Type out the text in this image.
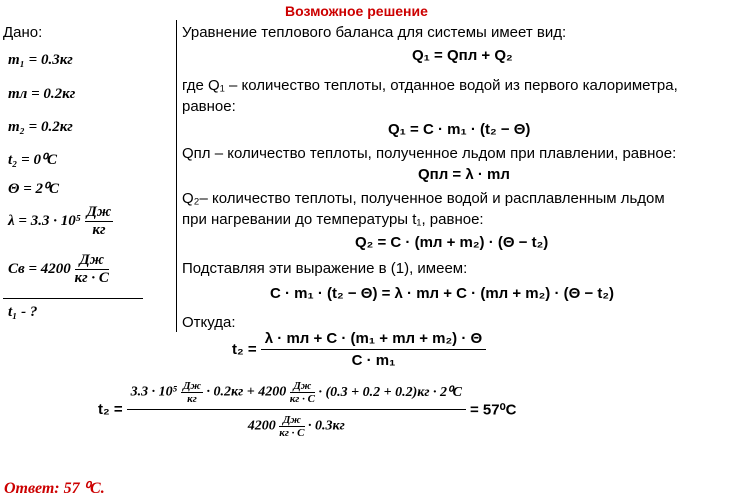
Возможное решение
Дано:
m₁ = 0.3кг
mл = 0.2кг
m₂ = 0.2кг
t₂ = 0⁰C
Θ = 2⁰C
$\lambda = 3.3 \cdot 10^5 \frac{Дж}{кг}$
Cв = $4200 \frac{Дж}{кг \cdot C}$
t₁ - ?
Уравнение теплового баланса для системы имеет вид:
Q₁ = Qпл + Q₂
где Q₁ – количество теплоты, отданное водой из первого калориметра,
равное:
Q₁ = C · m₁ · (t₂ − Θ)
Qпл – количество теплоты, полученное льдом при плавлении, равное:
Qпл = λ · mл
Q₂– количество теплоты, полученное водой и расплавленным льдом
при нагревании до температуры t₁, равное:
Q₂ = C · (mл + m₂) · (Θ − t₂)
Подставляя эти выражение в (1), имеем:
C · m₁ · (t₂ − Θ) = λ · mл + C · (mл + m₂) · (Θ − t₂)
Откуда:
$t_2 = \frac{\text{λ · mл + C · (m₁ + mл + m₂) · Θ}}{\text{C · m₁}}$
t₂ =
$3.3 \cdot 10^5 \frac{Дж}{кг} \cdot 0.2кг + 4200 \frac{Дж}{кг \cdot C} \cdot (0.3 + 0.2 + 0.2)кг \cdot 2^0C$
$4200 \frac{Дж}{кг \cdot C} \cdot 0.3кг$
= 57⁰C
Ответ: 57 ⁰C.
